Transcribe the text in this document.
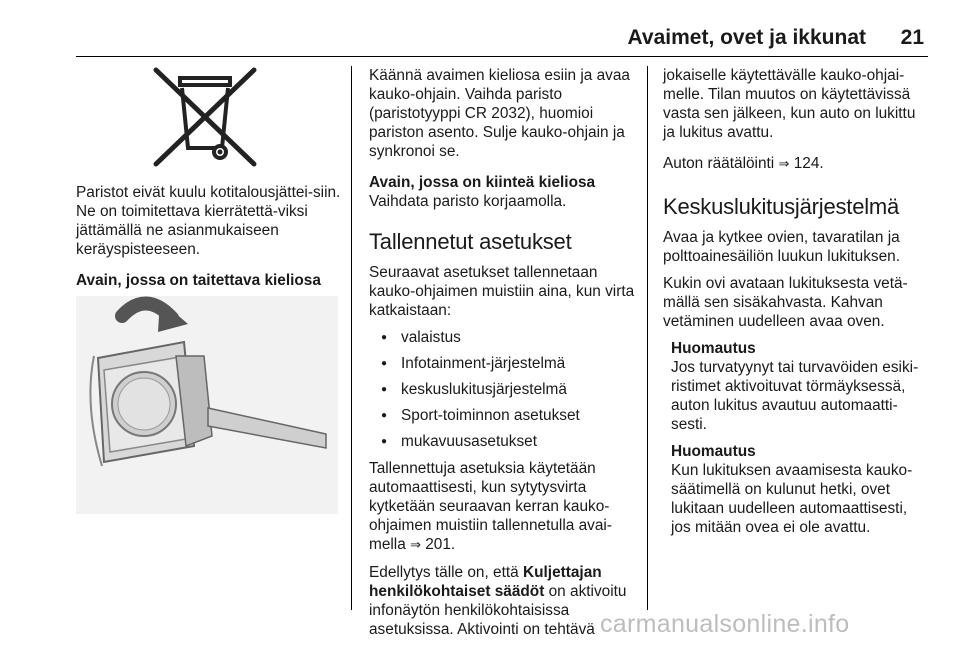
Avaimet, ovet ja ikkunat 21

Paristot eivät kuulu kotitalousjättei-siin. Ne on toimitettava kierrätettä-viksi jättämällä ne asianmukaiseen keräyspisteeseen.

Avain, jossa on taitettava kieliosa

Käännä avaimen kieliosa esiin ja avaa kauko-ohjain. Vaihda paristo (paristotyyppi CR 2032), huomioi pariston asento. Sulje kauko-ohjain ja synkronoi se.

Avain, jossa on kiinteä kieliosa

Vaihdata paristo korjaamolla.

Tallennetut asetukset

Seuraavat asetukset tallennetaan kauko-ohjaimen muistiin aina, kun virta katkaistaan:

● valaistus
● Infotainment-järjestelmä
● keskuslukitusjärjestelmä
● Sport-toiminnon asetukset
● mukavuusasetukset

Tallennettuja asetuksia käytetään automaattisesti, kun sytytysvirta kytketään seuraavan kerran kauko-ohjaimen muistiin tallennetulla avai-mella ⇒ 201.

Edellytys tälle on, että Kuljettajan henkilökohtaiset säädöt on aktivoitu infonäytön henkilökohtaisissa asetuksissa. Aktivointi on tehtävä

jokaiselle käytettävälle kauko-ohjai-melle. Tilan muutos on käytettävissä vasta sen jälkeen, kun auto on lukittu ja lukitus avattu.

Auton räätälöinti ⇒ 124.

Keskuslukitusjärjestelmä

Avaa ja kytkee ovien, tavaratilan ja polttoainesäiliön luukun lukituksen.

Kukin ovi avataan lukituksesta vetä-mällä sen sisäkahvasta. Kahvan vetäminen uudelleen avaa oven.

Huomautus

Jos turvatyynyt tai turvavöiden esiki-ristimet aktivoituvat törmäyksessä, auton lukitus avautuu automaatti-sesti.

Huomautus

Kun lukituksen avaamisesta kauko-säätimellä on kulunut hetki, ovet lukitaan uudelleen automaattisesti, jos mitään ovea ei ole avattu.

carmanualsonline.info
